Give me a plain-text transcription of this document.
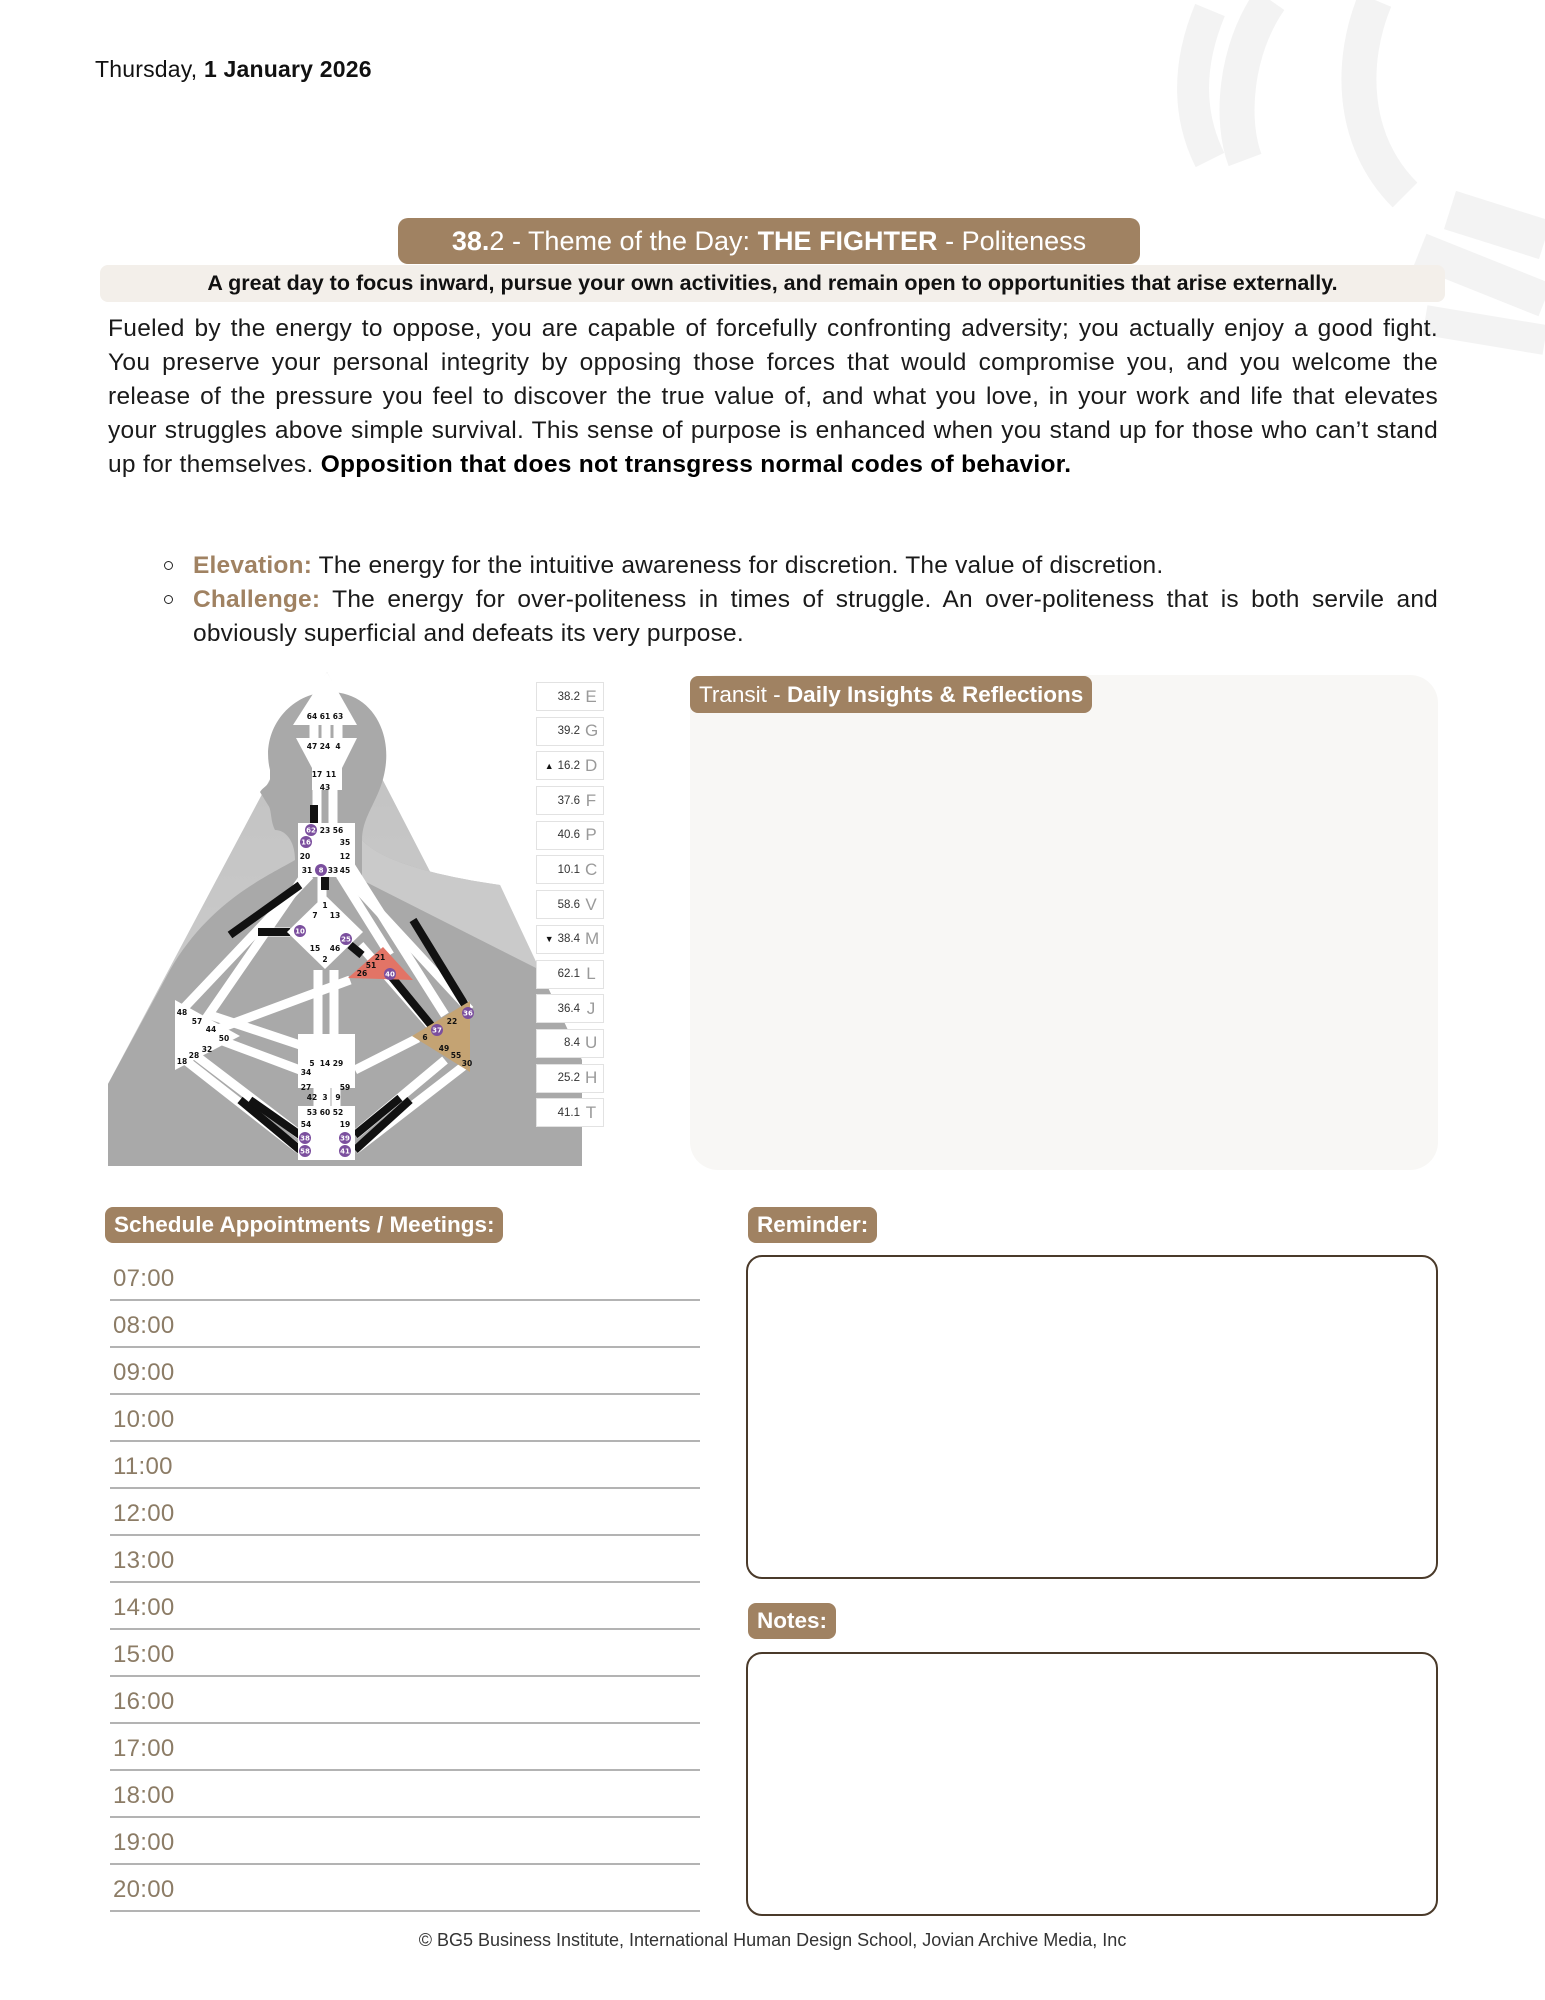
Thursday, 1 January 2026
38.2 - Theme of the Day: THE FIGHTER - Politeness
A great day to focus inward, pursue your own activities, and remain open to opportunities that arise externally.
Fueled by the energy to oppose, you are capable of forcefully confronting adversity; you actually enjoy a good fight. You preserve your personal integrity by opposing those forces that would compromise you, and you welcome the release of the pressure you feel to discover the true value of, and what you love, in your work and life that elevates your struggles above simple survival. This sense of purpose is enhanced when you stand up for those who can’t stand up for themselves. Opposition that does not transgress normal codes of behavior.
Elevation: The energy for the intuitive awareness for discretion. The value of discretion.
Challenge: The energy for over-politeness in times of struggle. An over-politeness that is both servile and obviously superficial and defeats its very purpose.
64 61 63
47 24 4
17 11
43
23 56
35
20	12
31 33 45
1
7 13
15 46
2	21
51
26
48
57
44
50
32
28
18	5 14 29
34
27	59
42 3 9
53 60 52
54	19
22
6
49
55
30
62
16
8
10
25
40
36
37
38	39
58	41
38.2 E
39.2 G
▲ 16.2 D
37.6 F
40.6 P
10.1 C
58.6 V
▼ 38.4 M
62.1 L
36.4 J
8.4 U
25.2 H
41.1 T
Transit - Daily Insights & Reflections
Schedule Appointments / Meetings:
07:00
08:00
09:00
10:00
11:00
12:00
13:00
14:00
15:00
16:00
17:00
18:00
19:00
20:00
Reminder:
Notes:
© BG5 Business Institute, International Human Design School, Jovian Archive Media, Inc
